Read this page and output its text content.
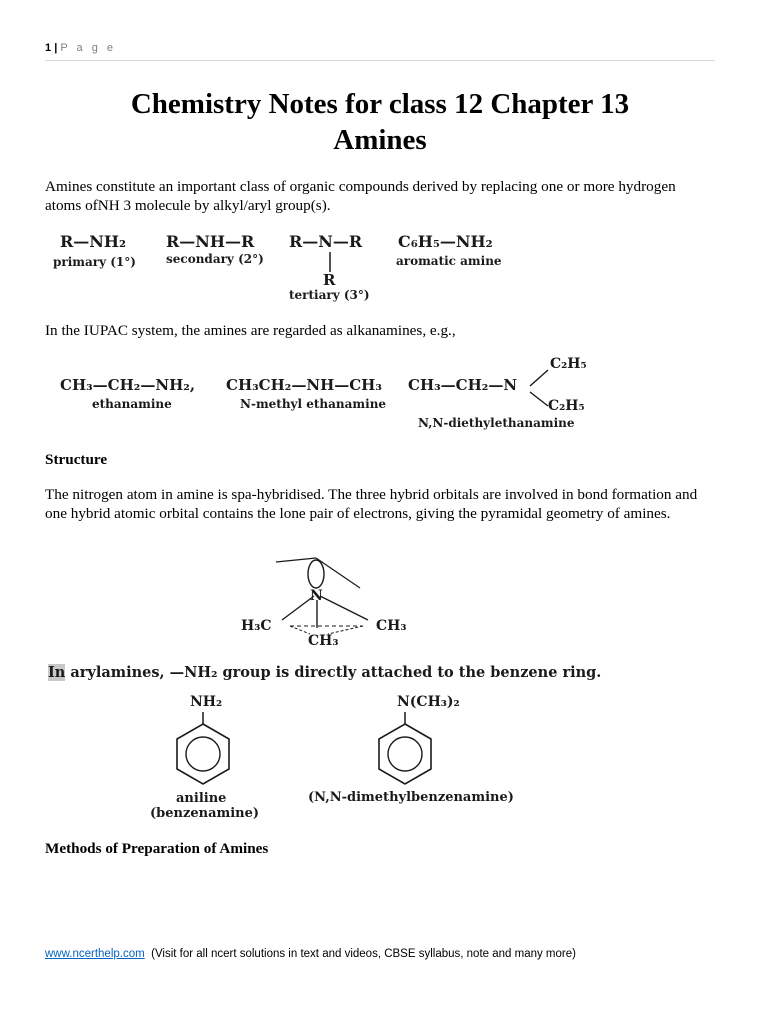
1 | P a g e
Chemistry Notes for class 12 Chapter 13
Amines

Amines constitute an important class of organic compounds derived by replacing one or more hydrogen atoms ofNH 3 molecule by alkyl/aryl group(s).

R—NH₂
primary (1°)
R—NH—R
secondary (2°)
R—N—R
R
tertiary (3°)
C₆H₅—NH₂
aromatic amine

In the IUPAC system, the amines are regarded as alkanamines, e.g.,

CH₃—CH₂—NH₂,
ethanamine
CH₃CH₂—NH—CH₃
N-methyl ethanamine
CH₃—CH₂—N
C₂H₅
C₂H₅
N,N-diethylethanamine

Structure

The nitrogen atom in amine is spa-hybridised. The three hybrid orbitals are involved in bond formation and one hybrid atomic orbital contains the lone pair of electrons, giving the pyramidal geometry of amines.

N
H₃C	CH₃
CH₃
In arylamines, —NH₂ group is directly attached to the benzene ring.
NH₂
aniline
(benzenamine)
N(CH₃)₂
(N,N-dimethylbenzenamine)

Methods of Preparation of Amines

www.ncerthelp.com (Visit for all ncert solutions in text and videos, CBSE syllabus, note and many more)
